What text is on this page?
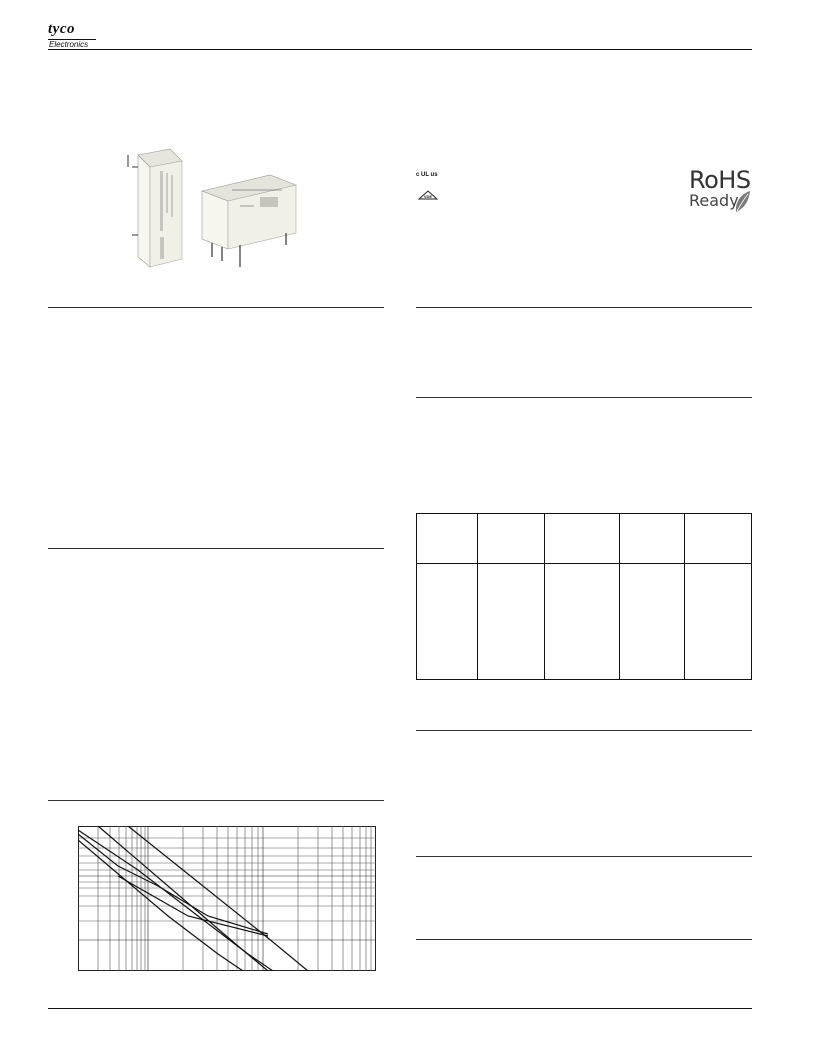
tyco
Electronics
c UL us
VDE
RoHS
Ready
